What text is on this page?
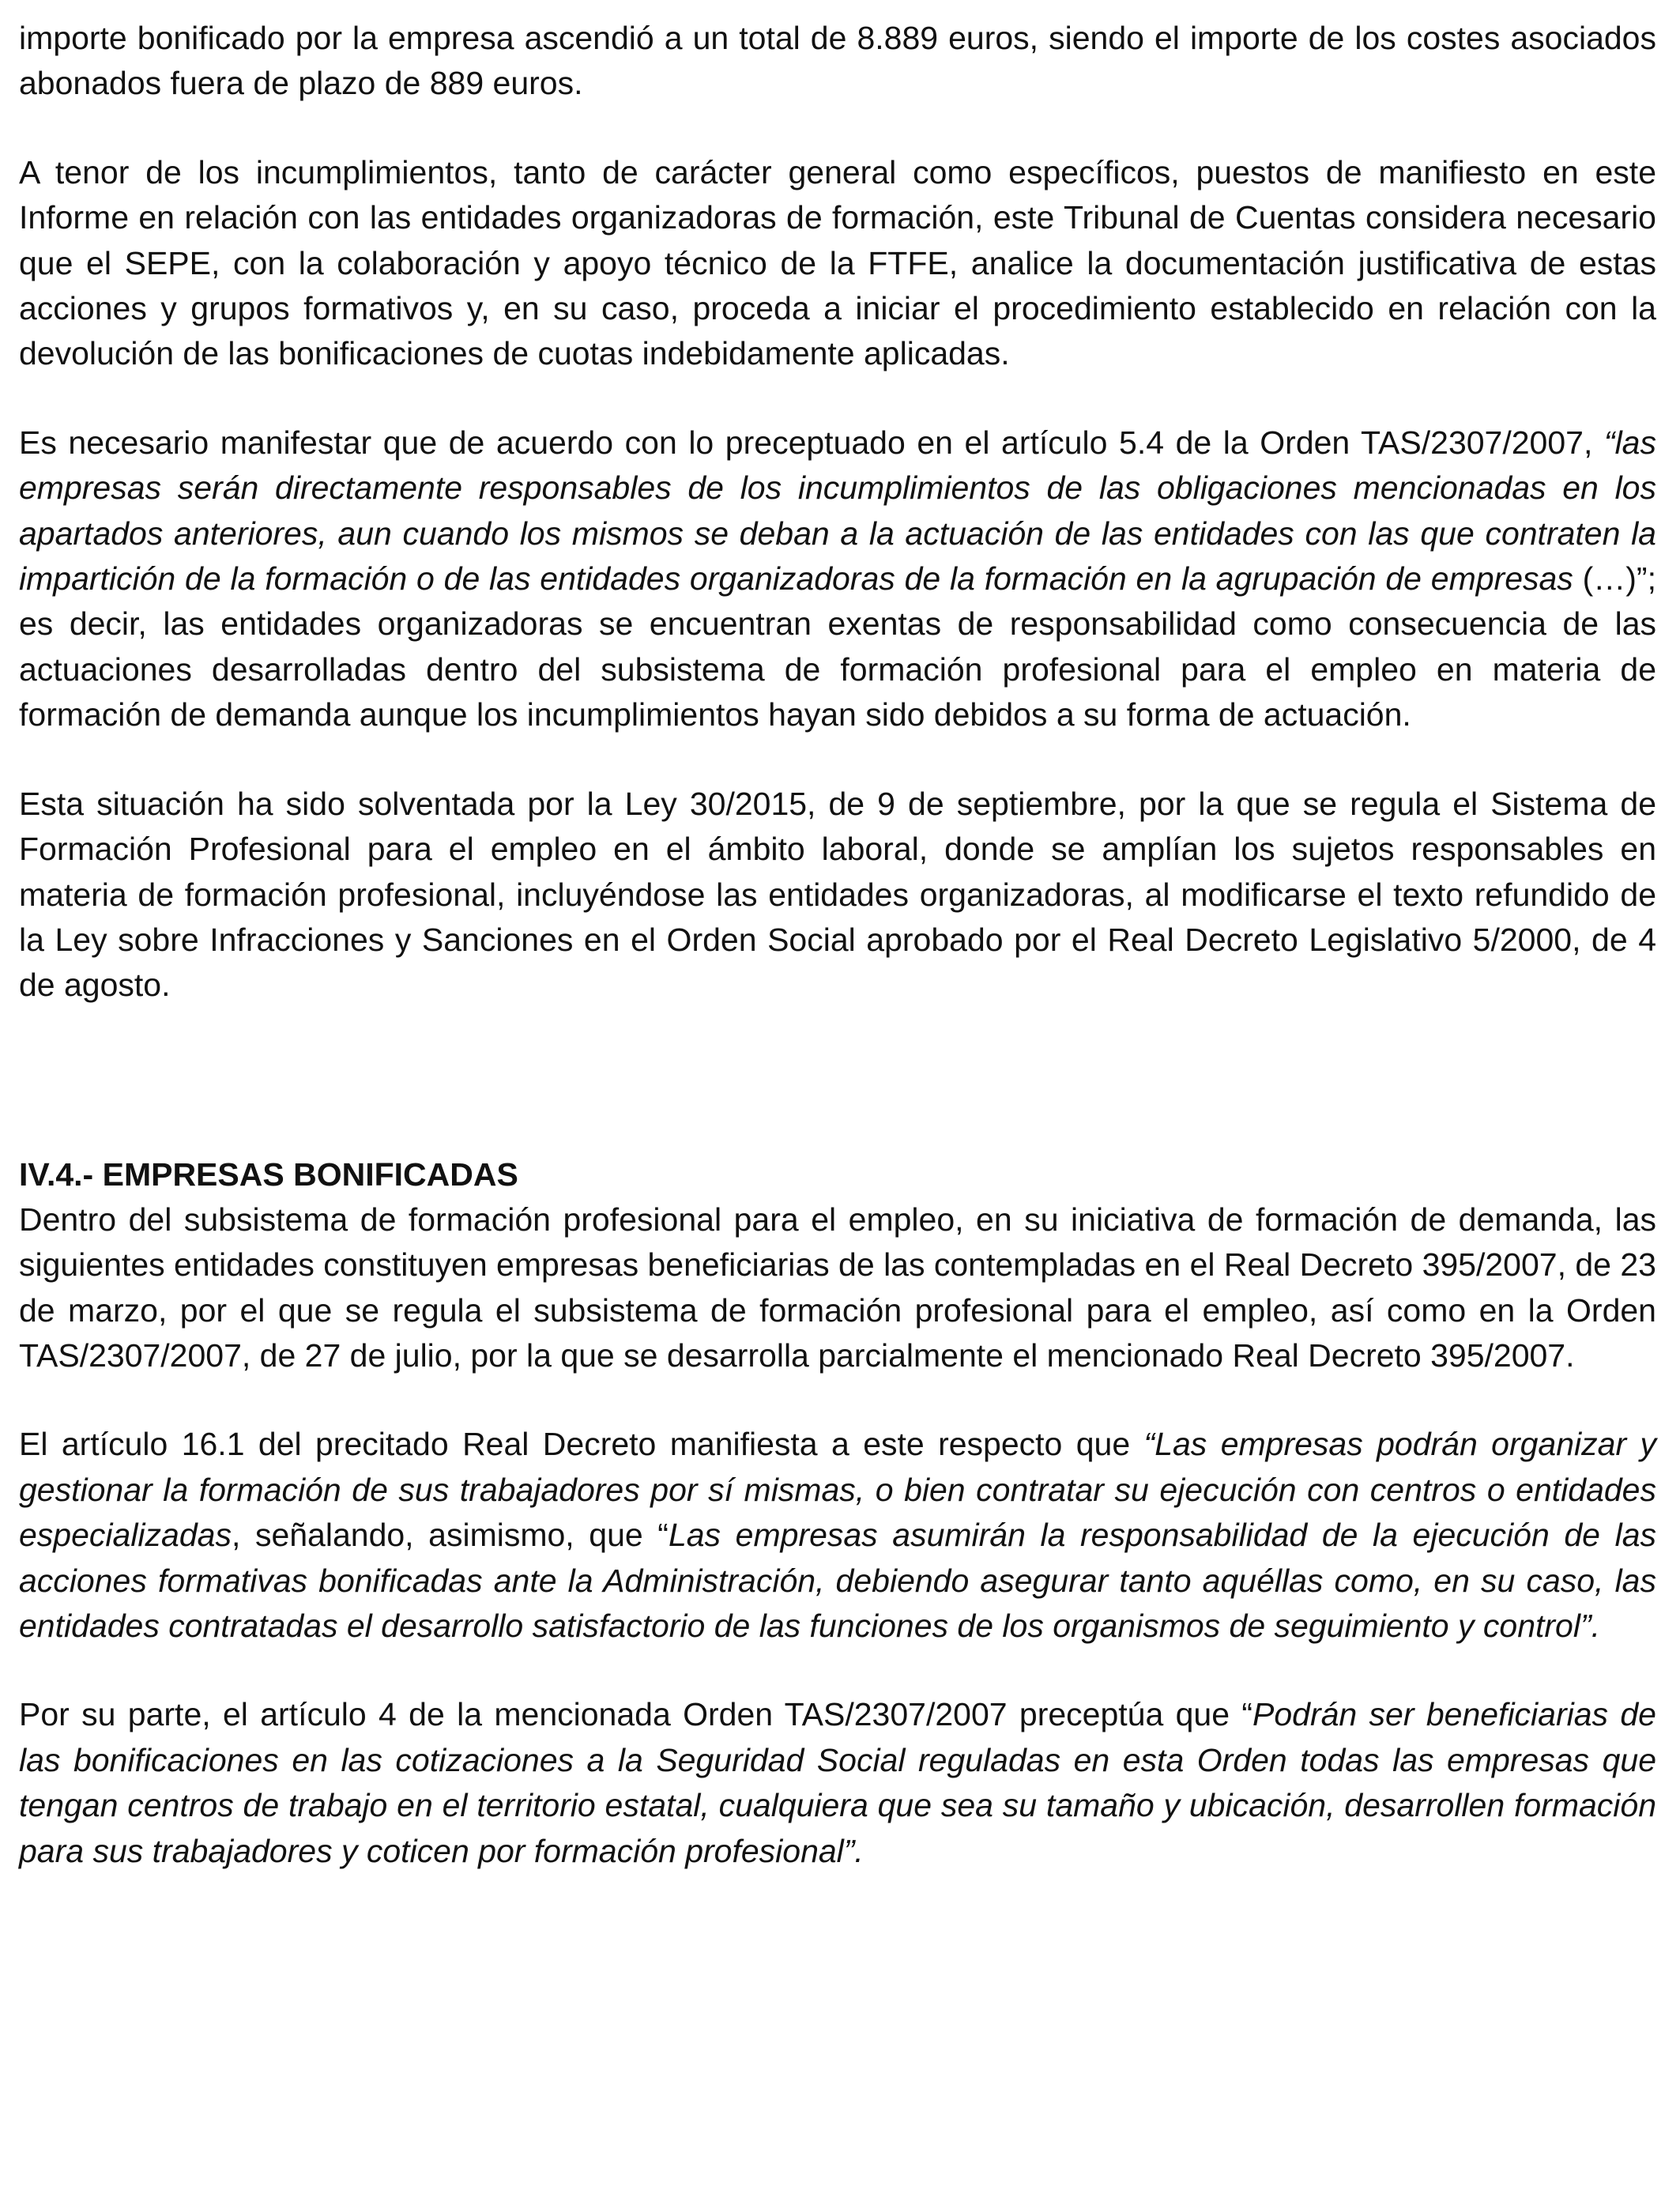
importe bonificado por la empresa ascendió a un total de 8.889 euros, siendo el importe de los costes asociados abonados fuera de plazo de 889 euros.

A tenor de los incumplimientos, tanto de carácter general como específicos, puestos de manifiesto en este Informe en relación con las entidades organizadoras de formación, este Tribunal de Cuentas considera necesario que el SEPE, con la colaboración y apoyo técnico de la FTFE, analice la documentación justificativa de estas acciones y grupos formativos y, en su caso, proceda a iniciar el procedimiento establecido en relación con la devolución de las bonificaciones de cuotas indebidamente aplicadas.

Es necesario manifestar que de acuerdo con lo preceptuado en el artículo 5.4 de la Orden TAS/2307/2007, “las empresas serán directamente responsables de los incumplimientos de las obligaciones mencionadas en los apartados anteriores, aun cuando los mismos se deban a la actuación de las entidades con las que contraten la impartición de la formación o de las entidades organizadoras de la formación en la agrupación de empresas (…)”; es decir, las entidades organizadoras se encuentran exentas de responsabilidad como consecuencia de las actuaciones desarrolladas dentro del subsistema de formación profesional para el empleo en materia de formación de demanda aunque los incumplimientos hayan sido debidos a su forma de actuación.

Esta situación ha sido solventada por la Ley 30/2015, de 9 de septiembre, por la que se regula el Sistema de Formación Profesional para el empleo en el ámbito laboral, donde se amplían los sujetos responsables en materia de formación profesional, incluyéndose las entidades organizadoras, al modificarse el texto refundido de la Ley sobre Infracciones y Sanciones en el Orden Social aprobado por el Real Decreto Legislativo 5/2000, de 4 de agosto.

IV.4.- EMPRESAS BONIFICADAS

Dentro del subsistema de formación profesional para el empleo, en su iniciativa de formación de demanda, las siguientes entidades constituyen empresas beneficiarias de las contempladas en el Real Decreto 395/2007, de 23 de marzo, por el que se regula el subsistema de formación profesional para el empleo, así como en la Orden TAS/2307/2007, de 27 de julio, por la que se desarrolla parcialmente el mencionado Real Decreto 395/2007.

El artículo 16.1 del precitado Real Decreto manifiesta a este respecto que “Las empresas podrán organizar y gestionar la formación de sus trabajadores por sí mismas, o bien contratar su ejecución con centros o entidades especializadas, señalando, asimismo, que “Las empresas asumirán la responsabilidad de la ejecución de las acciones formativas bonificadas ante la Administración, debiendo asegurar tanto aquéllas como, en su caso, las entidades contratadas el desarrollo satisfactorio de las funciones de los organismos de seguimiento y control”.

Por su parte, el artículo 4 de la mencionada Orden TAS/2307/2007 preceptúa que “Podrán ser beneficiarias de las bonificaciones en las cotizaciones a la Seguridad Social reguladas en esta Orden todas las empresas que tengan centros de trabajo en el territorio estatal, cualquiera que sea su tamaño y ubicación, desarrollen formación para sus trabajadores y coticen por formación profesional”.
